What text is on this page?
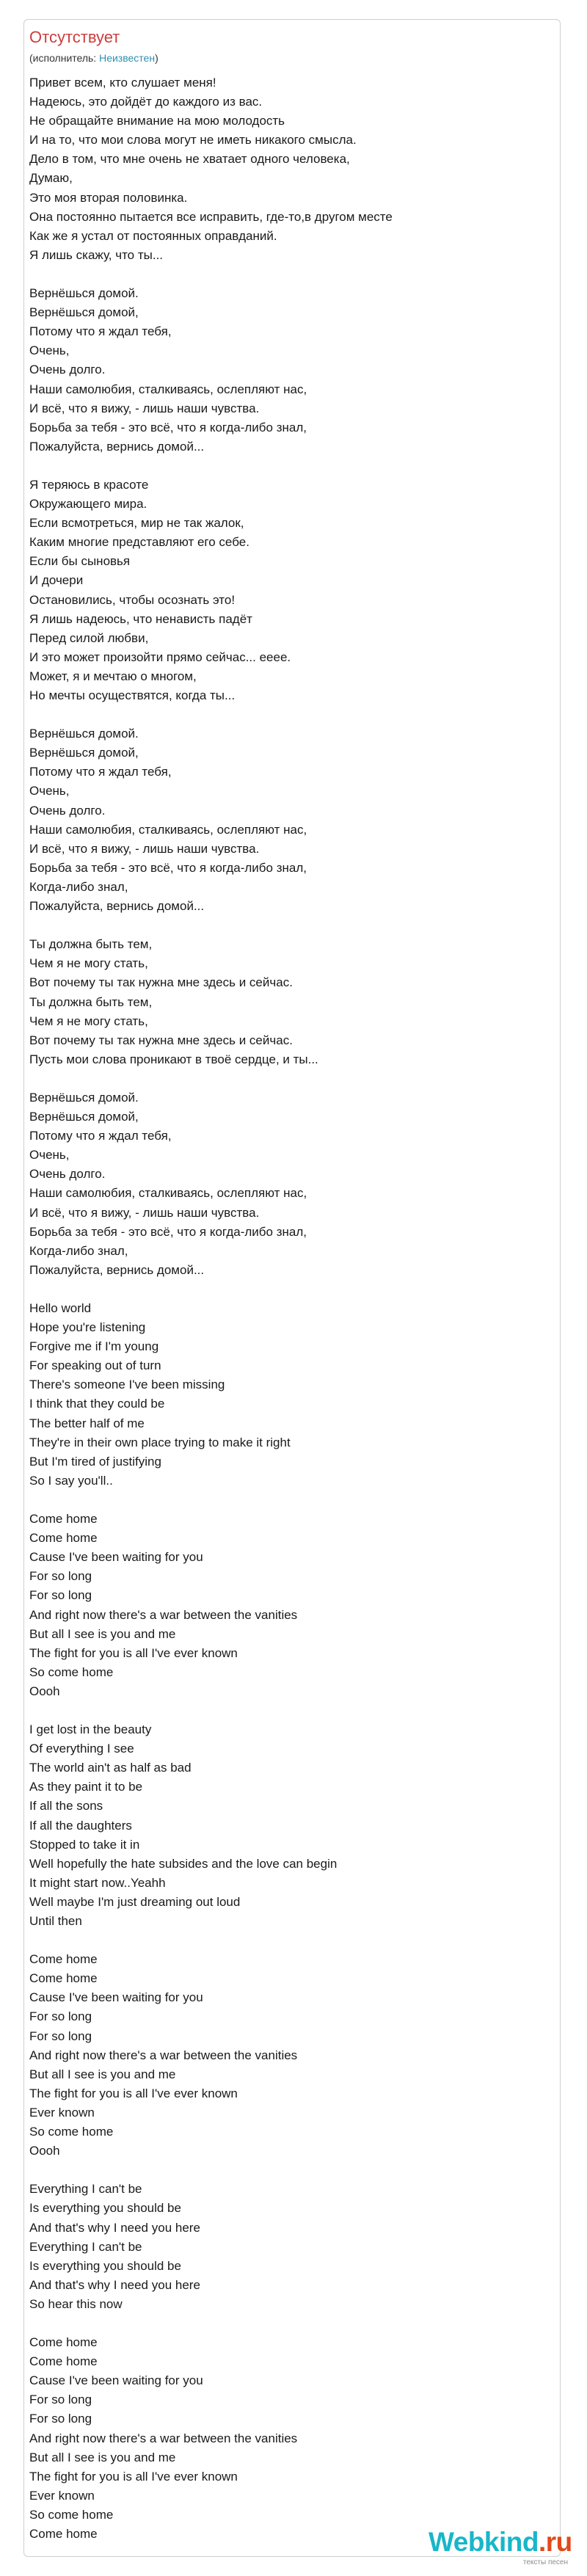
Отсутствует
(исполнитель: Неизвестен)
Привет всем, кто слушает меня!
Надеюсь, это дойдёт до каждого из вас.
Не обращайте внимание на мою молодость
И на то, что мои слова могут не иметь никакого смысла.
Дело в том, что мне очень не хватает одного человека,
Думаю,
Это моя вторая половинка.
Она постоянно пытается все исправить, где-то,в другом месте
Как же я устал от постоянных оправданий.
Я лишь скажу, что ты...
Вернёшься домой.
Вернёшься домой,
Потому что я ждал тебя,
Очень,
Очень долго.
Наши самолюбия, сталкиваясь, ослепляют нас,
И всё, что я вижу, - лишь наши чувства.
Борьба за тебя - это всё, что я когда-либо знал,
Пожалуйста, вернись домой...
Я теряюсь в красоте
Окружающего мира.
Если всмотреться, мир не так жалок,
Каким многие представляют его себе.
Если бы сыновья
И дочери
Остановились, чтобы осознать это!
Я лишь надеюсь, что ненависть падёт
Перед силой любви,
И это может произойти прямо сейчас... ееее.
Может, я и мечтаю о многом,
Но мечты осуществятся, когда ты...
Вернёшься домой.
Вернёшься домой,
Потому что я ждал тебя,
Очень,
Очень долго.
Наши самолюбия, сталкиваясь, ослепляют нас,
И всё, что я вижу, - лишь наши чувства.
Борьба за тебя - это всё, что я когда-либо знал,
Когда-либо знал,
Пожалуйста, вернись домой...
Ты должна быть тем,
Чем я не могу стать,
Вот почему ты так нужна мне здесь и сейчас.
Ты должна быть тем,
Чем я не могу стать,
Вот почему ты так нужна мне здесь и сейчас.
Пусть мои слова проникают в твоё сердце, и ты...
Вернёшься домой.
Вернёшься домой,
Потому что я ждал тебя,
Очень,
Очень долго.
Наши самолюбия, сталкиваясь, ослепляют нас,
И всё, что я вижу, - лишь наши чувства.
Борьба за тебя - это всё, что я когда-либо знал,
Когда-либо знал,
Пожалуйста, вернись домой...
Hello world
Hope you're listening
Forgive me if I'm young
For speaking out of turn
There's someone I've been missing
I think that they could be
The better half of me
They're in their own place trying to make it right
But I'm tired of justifying
So I say you'll..
Come home
Come home
Cause I've been waiting for you
For so long
For so long
And right now there's a war between the vanities
But all I see is you and me
The fight for you is all I've ever known
So come home
Oooh
I get lost in the beauty
Of everything I see
The world ain't as half as bad
As they paint it to be
If all the sons
If all the daughters
Stopped to take it in
Well hopefully the hate subsides and the love can begin
It might start now..Yeahh
Well maybe I'm just dreaming out loud
Until then
Come home
Come home
Cause I've been waiting for you
For so long
For so long
And right now there's a war between the vanities
But all I see is you and me
The fight for you is all I've ever known
Ever known
So come home
Oooh
Everything I can't be
Is everything you should be
And that's why I need you here
Everything I can't be
Is everything you should be
And that's why I need you here
So hear this now
Come home
Come home
Cause I've been waiting for you
For so long
For so long
And right now there's a war between the vanities
But all I see is you and me
The fight for you is all I've ever known
Ever known
So come home
Come home	Webkind.ru
тексты песен
